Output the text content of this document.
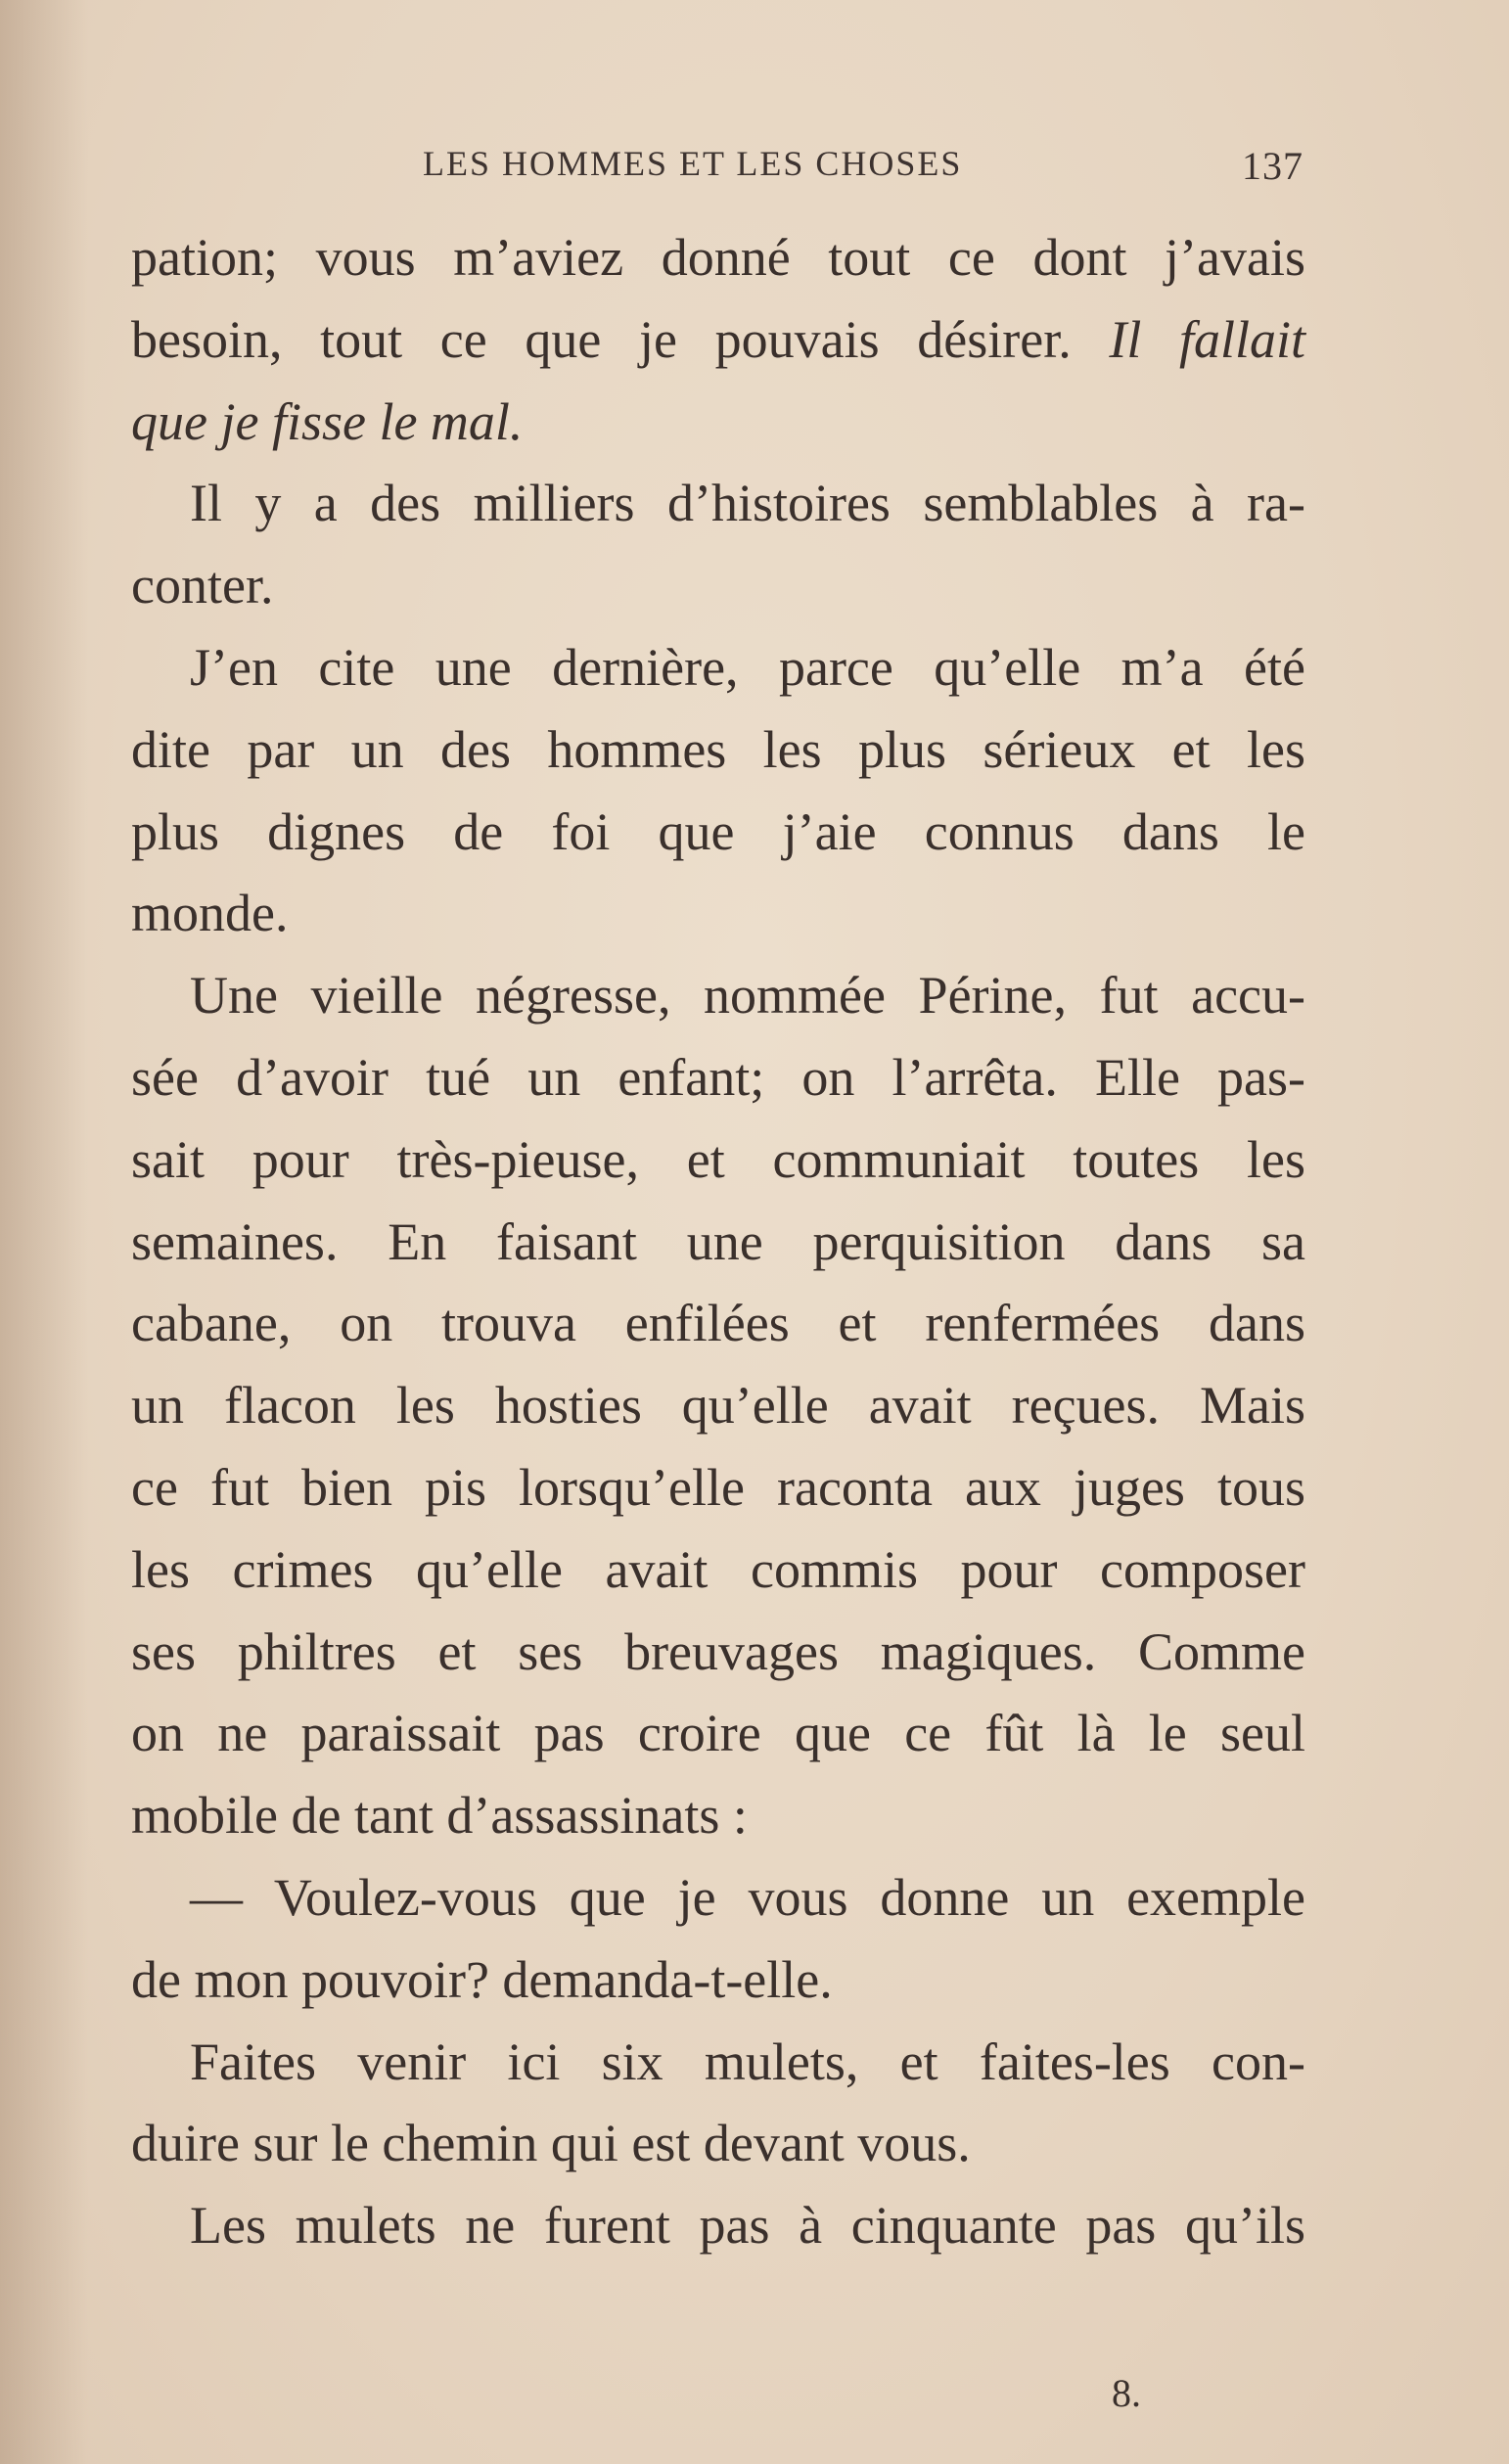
LES HOMMES ET LES CHOSES	137
pation; vous m’aviez donné tout ce dont j’avais
besoin, tout ce que je pouvais désirer. Il fallait
que je fisse le mal.
Il y a des milliers d’histoires semblables à ra-
conter.
J’en cite une dernière, parce qu’elle m’a été
dite par un des hommes les plus sérieux et les
plus dignes de foi que j’aie connus dans le
monde.
Une vieille négresse, nommée Périne, fut accu-
sée d’avoir tué un enfant; on l’arrêta. Elle pas-
sait pour très-pieuse, et communiait toutes les
semaines. En faisant une perquisition dans sa
cabane, on trouva enfilées et renfermées dans
un flacon les hosties qu’elle avait reçues. Mais
ce fut bien pis lorsqu’elle raconta aux juges tous
les crimes qu’elle avait commis pour composer
ses philtres et ses breuvages magiques. Comme
on ne paraissait pas croire que ce fût là le seul
mobile de tant d’assassinats :
— Voulez-vous que je vous donne un exemple
de mon pouvoir? demanda-t-elle.
Faites venir ici six mulets, et faites-les con-
duire sur le chemin qui est devant vous.
Les mulets ne furent pas à cinquante pas qu’ils
8.
